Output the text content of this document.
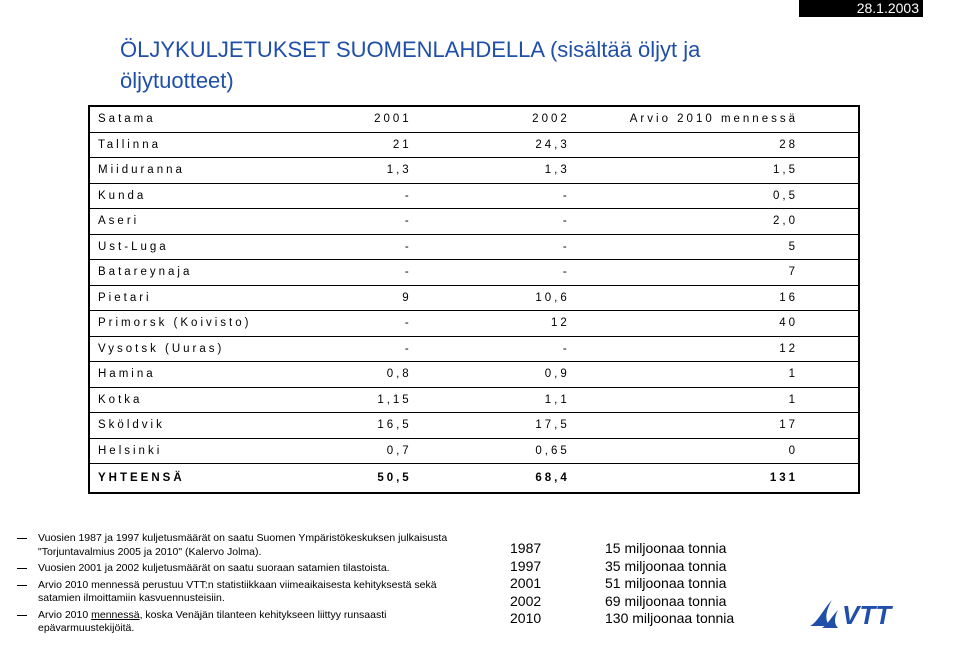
28.1.2003
ÖLJYKULJETUKSET SUOMENLAHDELLA (sisältää öljyt ja
öljytuotteet)
Satama	2001	2002	Arvio 2010 mennessä
Tallinna	21	24,3	28
Miiduranna	1,3	1,3	1,5
Kunda	-	-	0,5
Aseri	-	-	2,0
Ust-Luga	-	-	5
Batareynaja	-	-	7
Pietari	9	10,6	16
Primorsk (Koivisto)	-	12	40
Vysotsk (Uuras)	-	-	12
Hamina	0,8	0,9	1
Kotka	1,15	1,1	1
Sköldvik	16,5	17,5	17
Helsinki	0,7	0,65	0
YHTEENSÄ	50,5	68,4	131
Vuosien 1987 ja 1997 kuljetusmäärät on saatu Suomen Ympäristökeskuksen julkaisusta "Torjuntavalmius 2005 ja 2010" (Kalervo Jolma).
Vuosien 2001 ja 2002 kuljetusmäärät on saatu suoraan satamien tilastoista.
Arvio 2010 mennessä perustuu VTT:n statistiikkaan viimeaikaisesta kehityksestä sekä satamien ilmoittamiin kasvuennusteisiin.
Arvio 2010 mennessä, koska Venäjän tilanteen kehitykseen liittyy runsaasti epävarmuustekijöitä.
1987	15 miljoonaa tonnia
1997	35 miljoonaa tonnia
2001	51 miljoonaa tonnia
2002	69 miljoonaa tonnia
2010	130 miljoonaa tonnia	VTT
